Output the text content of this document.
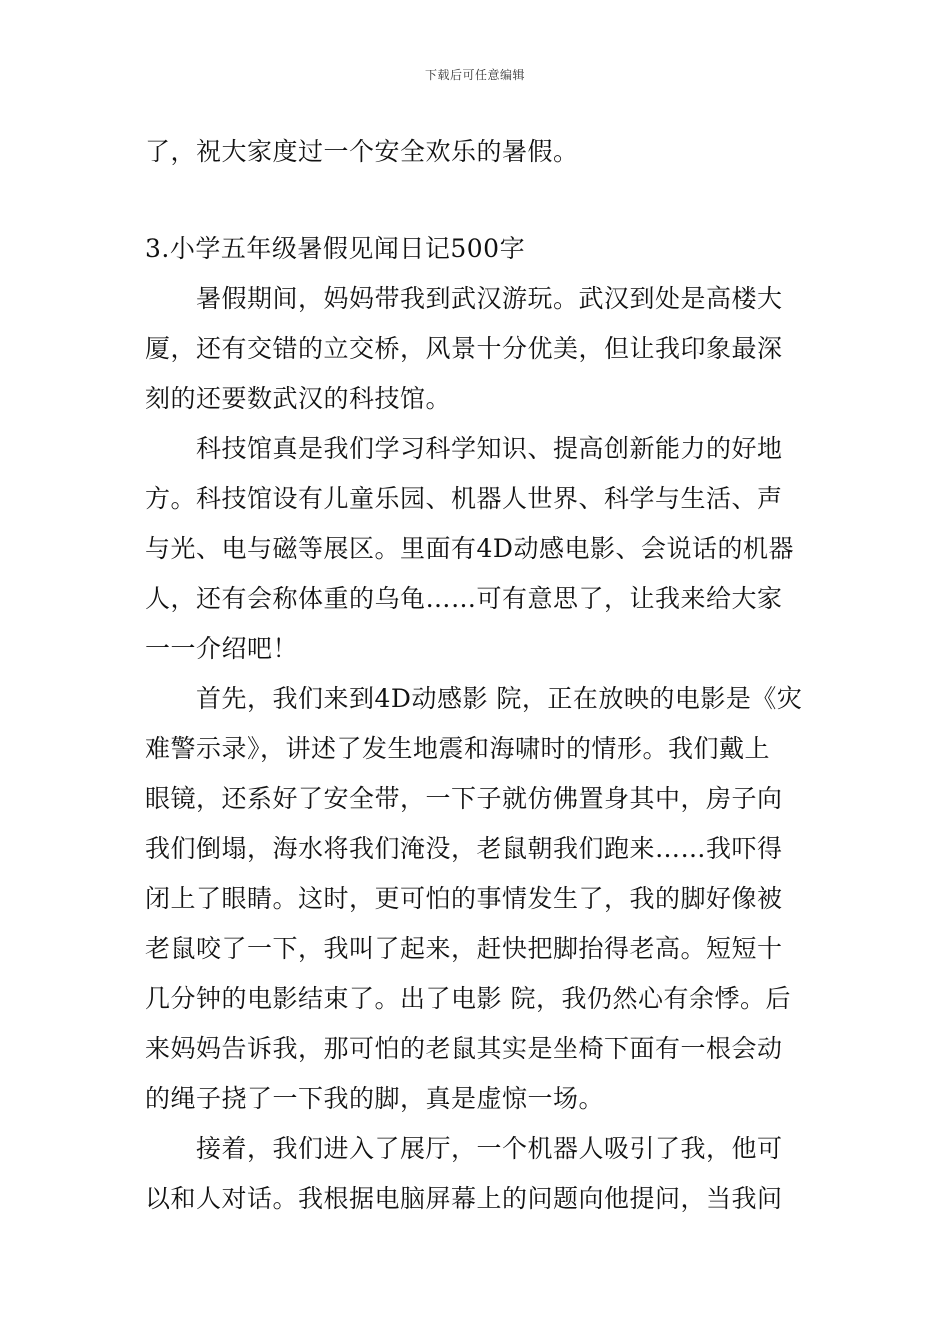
下载后可任意编辑
了，祝大家度过一个安全欢乐的暑假。
3.小学五年级暑假见闻日记500字
　　暑假期间，妈妈带我到武汉游玩。武汉到处是高楼大
厦，还有交错的立交桥，风景十分优美，但让我印象最深
刻的还要数武汉的科技馆。
　　科技馆真是我们学习科学知识、提高创新能力的好地
方。科技馆设有儿童乐园、机器人世界、科学与生活、声
与光、电与磁等展区。里面有4D动感电影、会说话的机器
人，还有会称体重的乌龟……可有意思了，让我来给大家
一一介绍吧！
　　首先，我们来到4D动感影 院，正在放映的电影是《灾
难警示录》，讲述了发生地震和海啸时的情形。我们戴上
眼镜，还系好了安全带，一下子就仿佛置身其中，房子向
我们倒塌，海水将我们淹没，老鼠朝我们跑来……我吓得
闭上了眼睛。这时，更可怕的事情发生了，我的脚好像被
老鼠咬了一下，我叫了起来，赶快把脚抬得老高。短短十
几分钟的电影结束了。出了电影 院，我仍然心有余悸。后
来妈妈告诉我，那可怕的老鼠其实是坐椅下面有一根会动
的绳子挠了一下我的脚，真是虚惊一场。
　　接着，我们进入了展厅，一个机器人吸引了我，他可
以和人对话。我根据电脑屏幕上的问题向他提问，当我问
